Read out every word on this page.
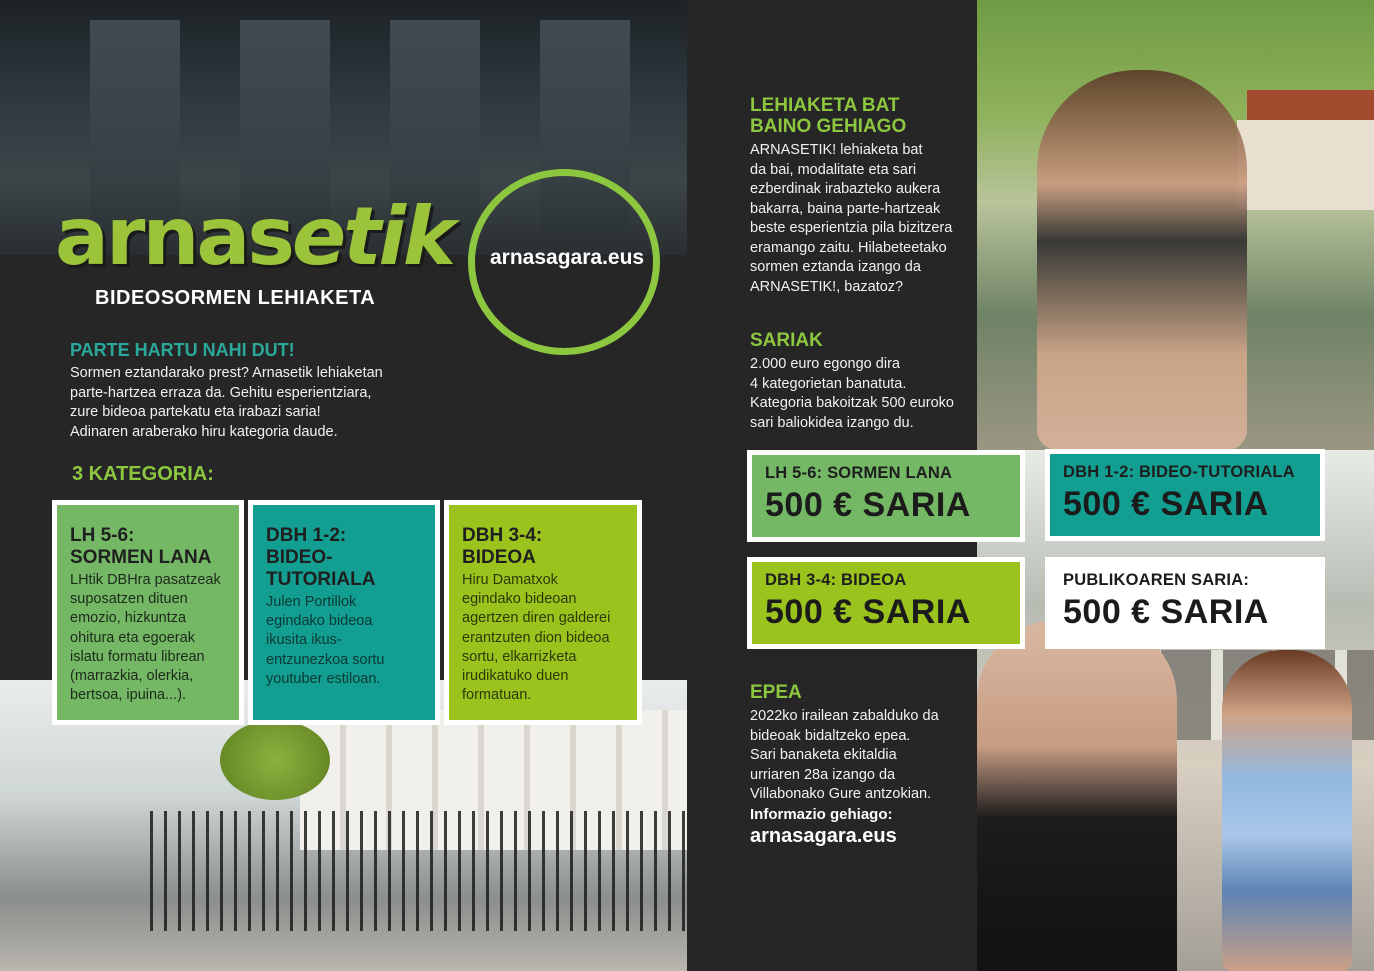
arnasetik arnasagara.eus
BIDEOSORMEN LEHIAKETA
PARTE HARTU NAHI DUT!
Sormen eztandarako prest? Arnasetik lehiaketan
parte-hartzea erraza da. Gehitu esperientziara,
zure bideoa partekatu eta irabazi saria!
Adinaren araberako hiru kategoria daude.
3 KATEGORIA:
LH 5-6:
SORMEN LANA

LHtik DBHra pasatzeak
suposatzen dituen
emozio, hizkuntza
ohitura eta egoerak
islatu formatu librean
(marrazkia, olerkia,
bertsoa, ipuina...).

DBH 1-2:
BIDEO-
TUTORIALA

Julen Portillok
egindako bideoa
ikusita ikus-
entzunezkoa sortu
youtuber estiloan.

DBH 3-4:
BIDEOA

Hiru Damatxok
egindako bideoan
agertzen diren galderei
erantzuten dion bideoa
sortu, elkarrizketa
irudikatuko duen
formatuan.

LEHIAKETA BAT
BAINO GEHIAGO
ARNASETIK! lehiaketa bat
da bai, modalitate eta sari
ezberdinak irabazteko aukera
bakarra, baina parte-hartzeak
beste esperientzia pila bizitzera
eramango zaitu. Hilabeteetako
sormen eztanda izango da
ARNASETIK!, bazatoz?
SARIAK
2.000 euro egongo dira
4 kategorietan banatuta.
Kategoria bakoitzak 500 euroko
sari baliokidea izango du.
LH 5-6: SORMEN LANA
500 € SARIA
DBH 1-2: BIDEO-TUTORIALA
500 € SARIA
DBH 3-4: BIDEOA
500 € SARIA
PUBLIKOAREN SARIA:
500 € SARIA
EPEA
2022ko irailean zabalduko da
bideoak bidaltzeko epea.
Sari banaketa ekitaldia
urriaren 28a izango da
Villabonako Gure antzokian.
Informazio gehiago:
arnasagara.eus
